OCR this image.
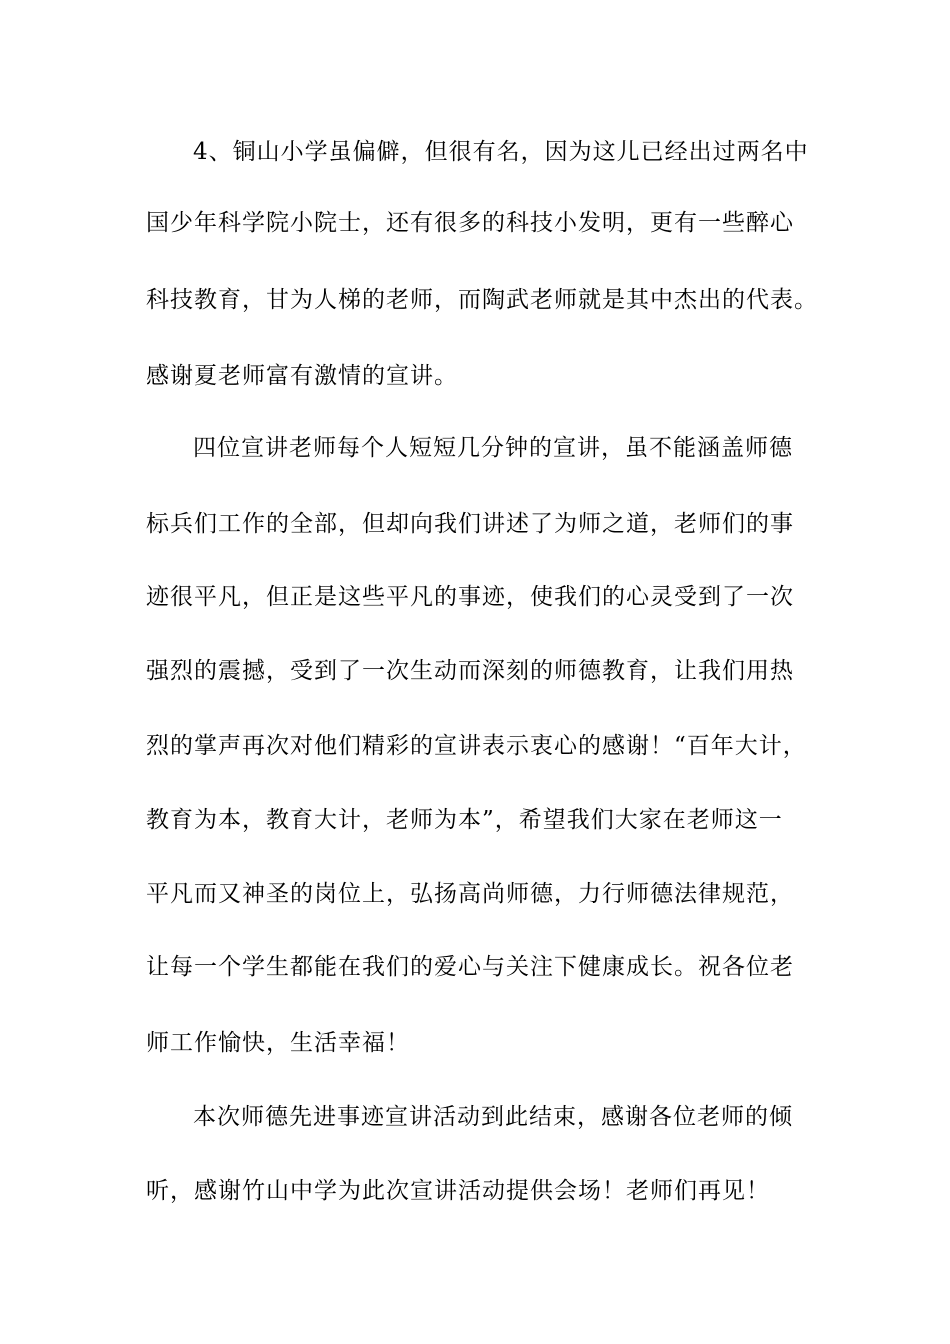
4、铜山小学虽偏僻，但很有名，因为这儿已经出过两名中
国少年科学院小院士，还有很多的科技小发明，更有一些醉心
科技教育，甘为人梯的老师，而陶武老师就是其中杰出的代表。
感谢夏老师富有激情的宣讲。
四位宣讲老师每个人短短几分钟的宣讲，虽不能涵盖师德
标兵们工作的全部，但却向我们讲述了为师之道，老师们的事
迹很平凡，但正是这些平凡的事迹，使我们的心灵受到了一次
强烈的震撼，受到了一次生动而深刻的师德教育，让我们用热
烈的掌声再次对他们精彩的宣讲表示衷心的感谢！“百年大计，
教育为本，教育大计，老师为本”，希望我们大家在老师这一
平凡而又神圣的岗位上，弘扬高尚师德，力行师德法律规范，
让每一个学生都能在我们的爱心与关注下健康成长。祝各位老
师工作愉快，生活幸福！
本次师德先进事迹宣讲活动到此结束，感谢各位老师的倾
听，感谢竹山中学为此次宣讲活动提供会场！老师们再见！
